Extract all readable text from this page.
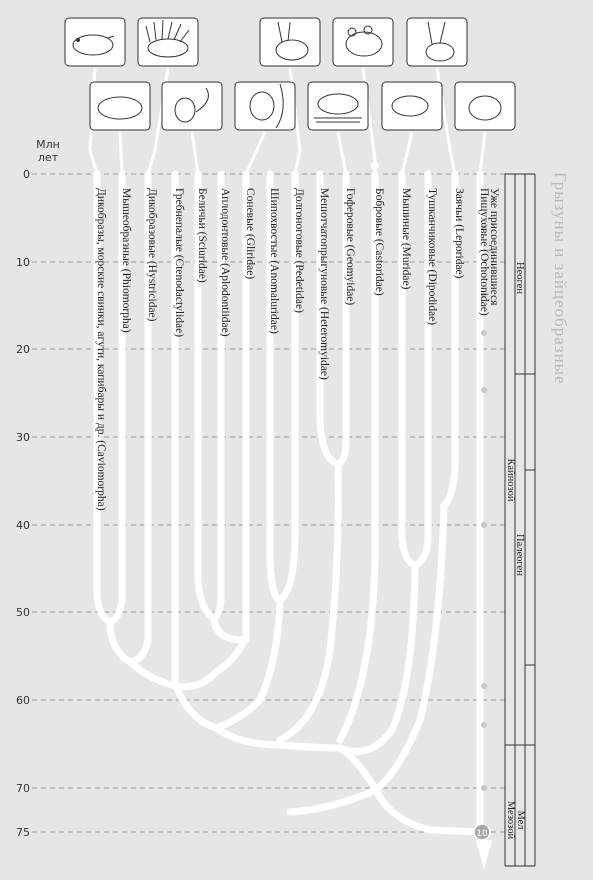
0
10
20
30
40
50
60
70
75	10
Дикобразы, морские свинки, агути, капибары и др. (Caviomorpha) Мышеобразные (Phiomorpha) Дикобразовые (Hystricidae) Гребнепалые (Ctenodactylidae) Беличьи (Sciuridae) Аплодонтовые (Aplodontiidae) Соневые (Gliridae) Шипохвостые (Anomaluridae) Долгоноговые (Pedetidae) Мешотчатопрыгуновые (Heteromyidae) Гоферовые (Geomyidae) Бобровые (Castoridae) Мышиные (Muridae) Тушканчиковые (Dipodidae) Заячьи (Leporidae) Пищуховые (Ochotonidae)
Уже присоединившиеся Неоген
Палеоген
Кайнозой
Мел
Мезозой
Грызуны и зайцеобразные
Млн
лет
